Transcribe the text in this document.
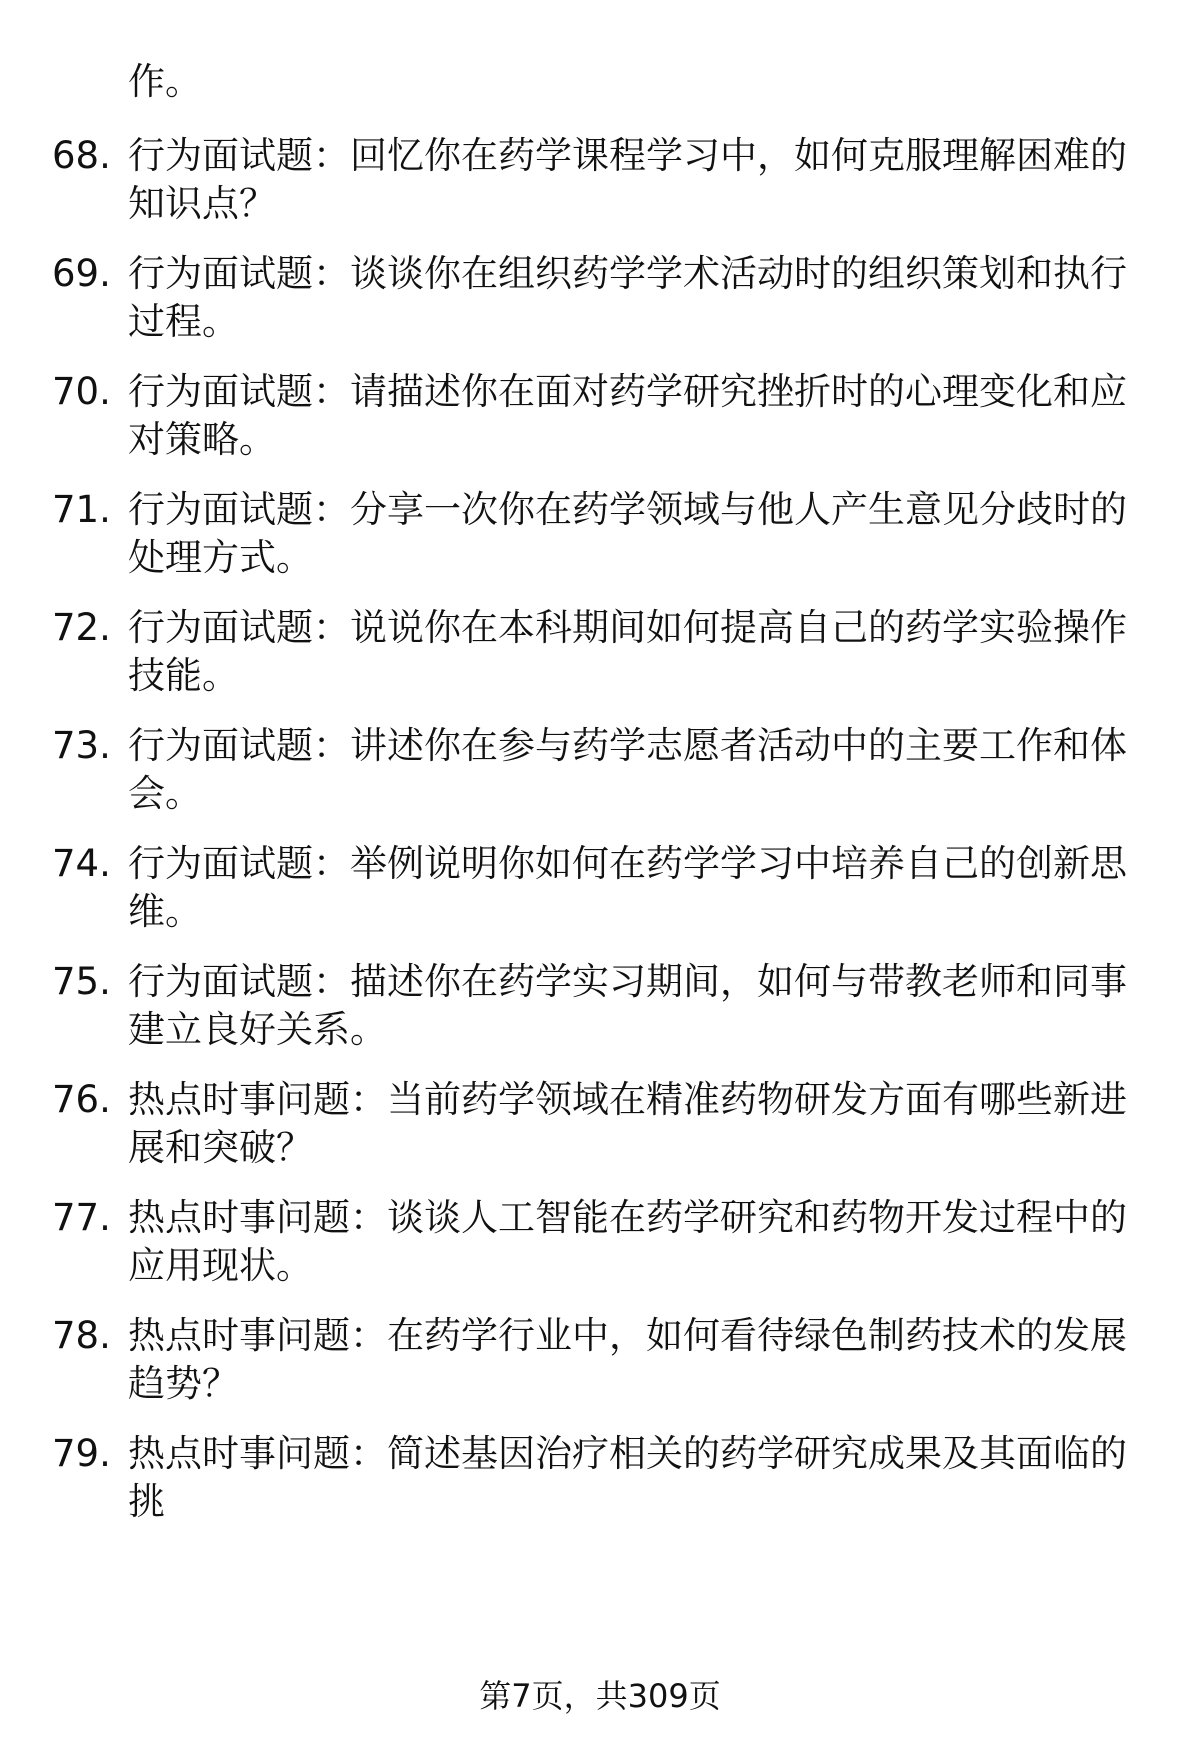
作。
68. 行为面试题：回忆你在药学课程学习中，如何克服理解困难的知识点？
69. 行为面试题：谈谈你在组织药学学术活动时的组织策划和执行过程。
70. 行为面试题：请描述你在面对药学研究挫折时的心理变化和应对策略。
71. 行为面试题：分享一次你在药学领域与他人产生意见分歧时的处理方式。
72. 行为面试题：说说你在本科期间如何提高自己的药学实验操作技能。
73. 行为面试题：讲述你在参与药学志愿者活动中的主要工作和体会。
74. 行为面试题：举例说明你如何在药学学习中培养自己的创新思维。
75. 行为面试题：描述你在药学实习期间，如何与带教老师和同事建立良好关系。
76. 热点时事问题：当前药学领域在精准药物研发方面有哪些新进展和突破？
77. 热点时事问题：谈谈人工智能在药学研究和药物开发过程中的应用现状。
78. 热点时事问题：在药学行业中，如何看待绿色制药技术的发展趋势？
79. 热点时事问题：简述基因治疗相关的药学研究成果及其面临的挑
第7页，共309页
